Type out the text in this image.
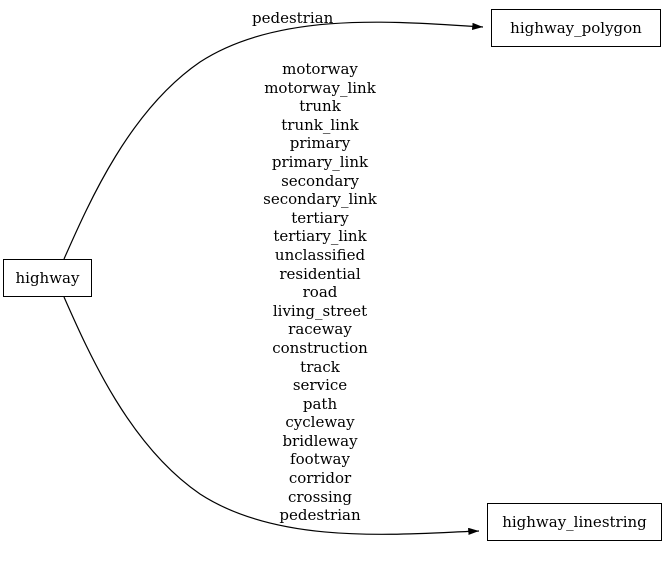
highway
highway_polygon
highway_linestring
pedestrian
motorway
motorway_link
trunk
trunk_link
primary
primary_link
secondary
secondary_link
tertiary
tertiary_link
unclassified
residential
road
living_street
raceway
construction
track
service
path
cycleway
bridleway
footway
corridor
crossing
pedestrian
